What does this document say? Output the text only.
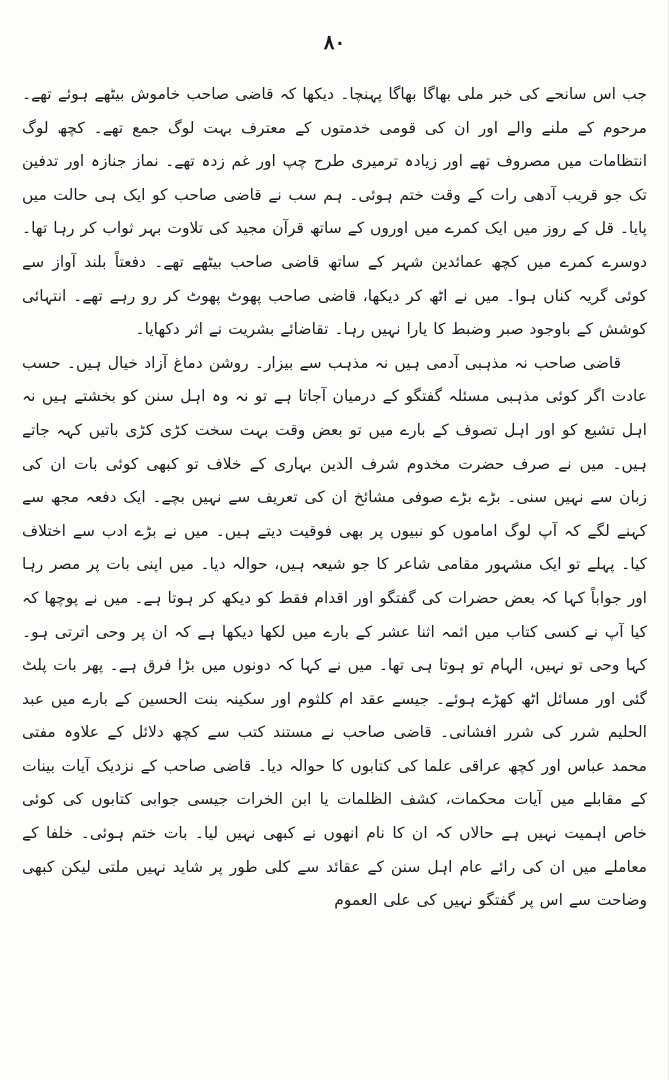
۸۰

جب اس سانحے کی خبر ملی بھاگا بھاگا پہنچا۔ دیکھا کہ قاضی صاحب خاموش بیٹھے ہوئے تھے۔ مرحوم کے ملنے والے اور ان کی قومی خدمتوں کے معترف بہت لوگ جمع تھے۔ کچھ لوگ انتظامات میں مصروف تھے اور زیادہ ترمیری طرح چپ اور غم زدہ تھے۔ نماز جنازہ اور تدفین تک جو قریب آدھی رات کے وقت ختم ہوئی۔ ہم سب نے قاضی صاحب کو ایک ہی حالت میں پایا۔ قل کے روز میں ایک کمرے میں اوروں کے ساتھ قرآن مجید کی تلاوت بہر ثواب کر رہا تھا۔ دوسرے کمرے میں کچھ عمائدین شہر کے ساتھ قاضی صاحب بیٹھے تھے۔ دفعتاً بلند آواز سے کوئی گریہ کناں ہوا۔ میں نے اٹھ کر دیکھا، قاضی صاحب پھوٹ پھوٹ کر رو رہے تھے۔ انتہائی کوشش کے باوجود صبر وضبط کا یارا نہیں رہا۔ تقاضائے بشریت نے اثر دکھایا۔

قاضی صاحب نہ مذہبی آدمی ہیں نہ مذہب سے بیزار۔ روشن دماغ آزاد خیال ہیں۔ حسب عادت اگر کوئی مذہبی مسئلہ گفتگو کے درمیان آجاتا ہے تو نہ وہ اہل سنن کو بخشتے ہیں نہ اہل تشیع کو اور اہل تصوف کے بارے میں تو بعض وقت بہت سخت کڑی کڑی باتیں کہہ جاتے ہیں۔ میں نے صرف حضرت مخدوم شرف الدین بہاری کے خلاف تو کبھی کوئی بات ان کی زبان سے نہیں سنی۔ بڑے بڑے صوفی مشائخ ان کی تعریف سے نہیں بچے۔ ایک دفعہ مجھ سے کہنے لگے کہ آپ لوگ اماموں کو نبیوں پر بھی فوقیت دیتے ہیں۔ میں نے بڑے ادب سے اختلاف کیا۔ پہلے تو ایک مشہور مقامی شاعر کا جو شیعہ ہیں، حوالہ دیا۔ میں اپنی بات پر مصر رہا اور جواباً کہا کہ بعض حضرات کی گفتگو اور اقدام فقط کو دیکھ کر ہوتا ہے۔ میں نے پوچھا کہ کیا آپ نے کسی کتاب میں ائمہ اثنا عشر کے بارے میں لکھا دیکھا ہے کہ ان پر وحی اترتی ہو۔ کہا وحی تو نہیں، الہام تو ہوتا ہی تھا۔ میں نے کہا کہ دونوں میں بڑا فرق ہے۔ پھر بات پلٹ گئی اور مسائل اٹھ کھڑے ہوئے۔ جیسے عقد ام کلثوم اور سکینہ بنت الحسین کے بارے میں عبد الحلیم شرر کی شرر افشانی۔ قاضی صاحب نے مستند کتب سے کچھ دلائل کے علاوہ مفتی محمد عباس اور کچھ عراقی علما کی کتابوں کا حوالہ دیا۔ قاضی صاحب کے نزدیک آیات بینات کے مقابلے میں آیات محکمات، کشف الظلمات یا ابن الخرات جیسی جوابی کتابوں کی کوئی خاص اہمیت نہیں ہے حالاں کہ ان کا نام انھوں نے کبھی نہیں لیا۔ بات ختم ہوئی۔ خلفا کے معاملے میں ان کی رائے عام اہل سنن کے عقائد سے کلی طور پر شاید نہیں ملتی لیکن کبھی وضاحت سے اس پر گفتگو نہیں کی علی العموم
